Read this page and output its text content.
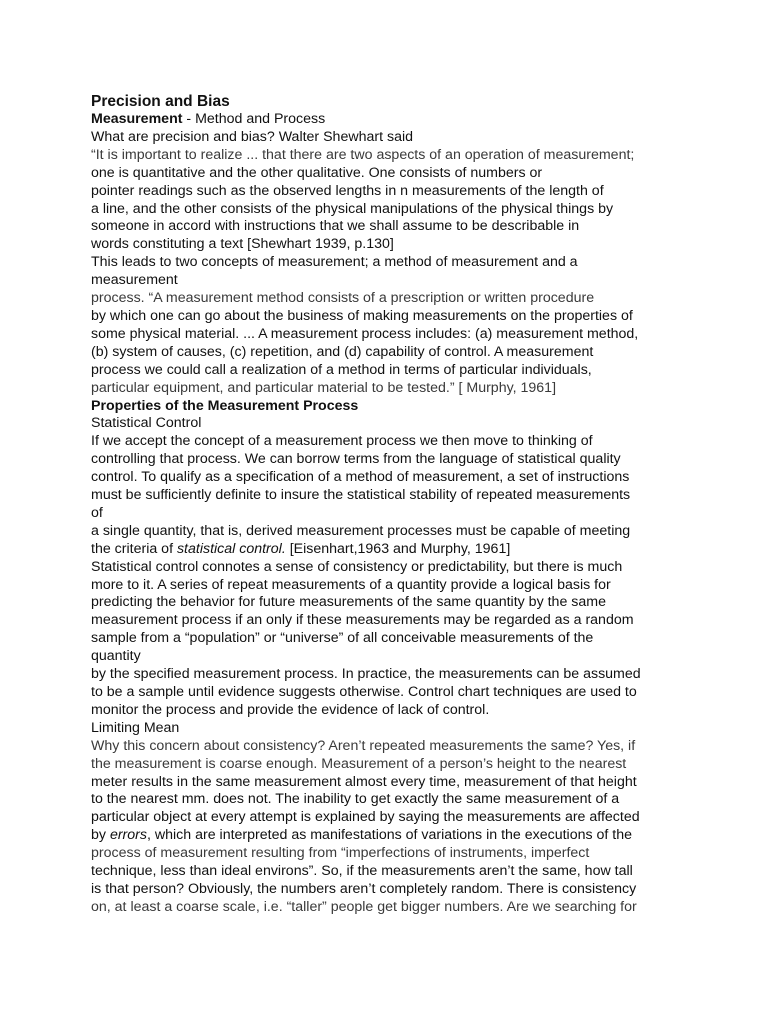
Precision and Bias
Measurement - Method and Process
What are precision and bias? Walter Shewhart said
“It is important to realize ... that there are two aspects of an operation of measurement;
one is quantitative and the other qualitative. One consists of numbers or
pointer readings such as the observed lengths in n measurements of the length of
a line, and the other consists of the physical manipulations of the physical things by
someone in accord with instructions that we shall assume to be describable in
words constituting a text [Shewhart 1939, p.130]
This leads to two concepts of measurement; a method of measurement and a
measurement
process. “A measurement method consists of a prescription or written procedure
by which one can go about the business of making measurements on the properties of
some physical material. ... A measurement process includes: (a) measurement method,
(b) system of causes, (c) repetition, and (d) capability of control. A measurement
process we could call a realization of a method in terms of particular individuals,
particular equipment, and particular material to be tested.” [ Murphy, 1961]
Properties of the Measurement Process
Statistical Control
If we accept the concept of a measurement process we then move to thinking of
controlling that process. We can borrow terms from the language of statistical quality
control. To qualify as a specification of a method of measurement, a set of instructions
must be sufficiently definite to insure the statistical stability of repeated measurements
of
a single quantity, that is, derived measurement processes must be capable of meeting
the criteria of statistical control. [Eisenhart,1963 and Murphy, 1961]
Statistical control connotes a sense of consistency or predictability, but there is much
more to it. A series of repeat measurements of a quantity provide a logical basis for
predicting the behavior for future measurements of the same quantity by the same
measurement process if an only if these measurements may be regarded as a random
sample from a “population” or “universe” of all conceivable measurements of the
quantity
by the specified measurement process. In practice, the measurements can be assumed
to be a sample until evidence suggests otherwise. Control chart techniques are used to
monitor the process and provide the evidence of lack of control.
Limiting Mean
Why this concern about consistency? Aren’t repeated measurements the same? Yes, if
the measurement is coarse enough. Measurement of a person’s height to the nearest
meter results in the same measurement almost every time, measurement of that height
to the nearest mm. does not. The inability to get exactly the same measurement of a
particular object at every attempt is explained by saying the measurements are affected
by errors, which are interpreted as manifestations of variations in the executions of the
process of measurement resulting from “imperfections of instruments, imperfect
technique, less than ideal environs”. So, if the measurements aren’t the same, how tall
is that person? Obviously, the numbers aren’t completely random. There is consistency
on, at least a coarse scale, i.e. “taller” people get bigger numbers. Are we searching for
